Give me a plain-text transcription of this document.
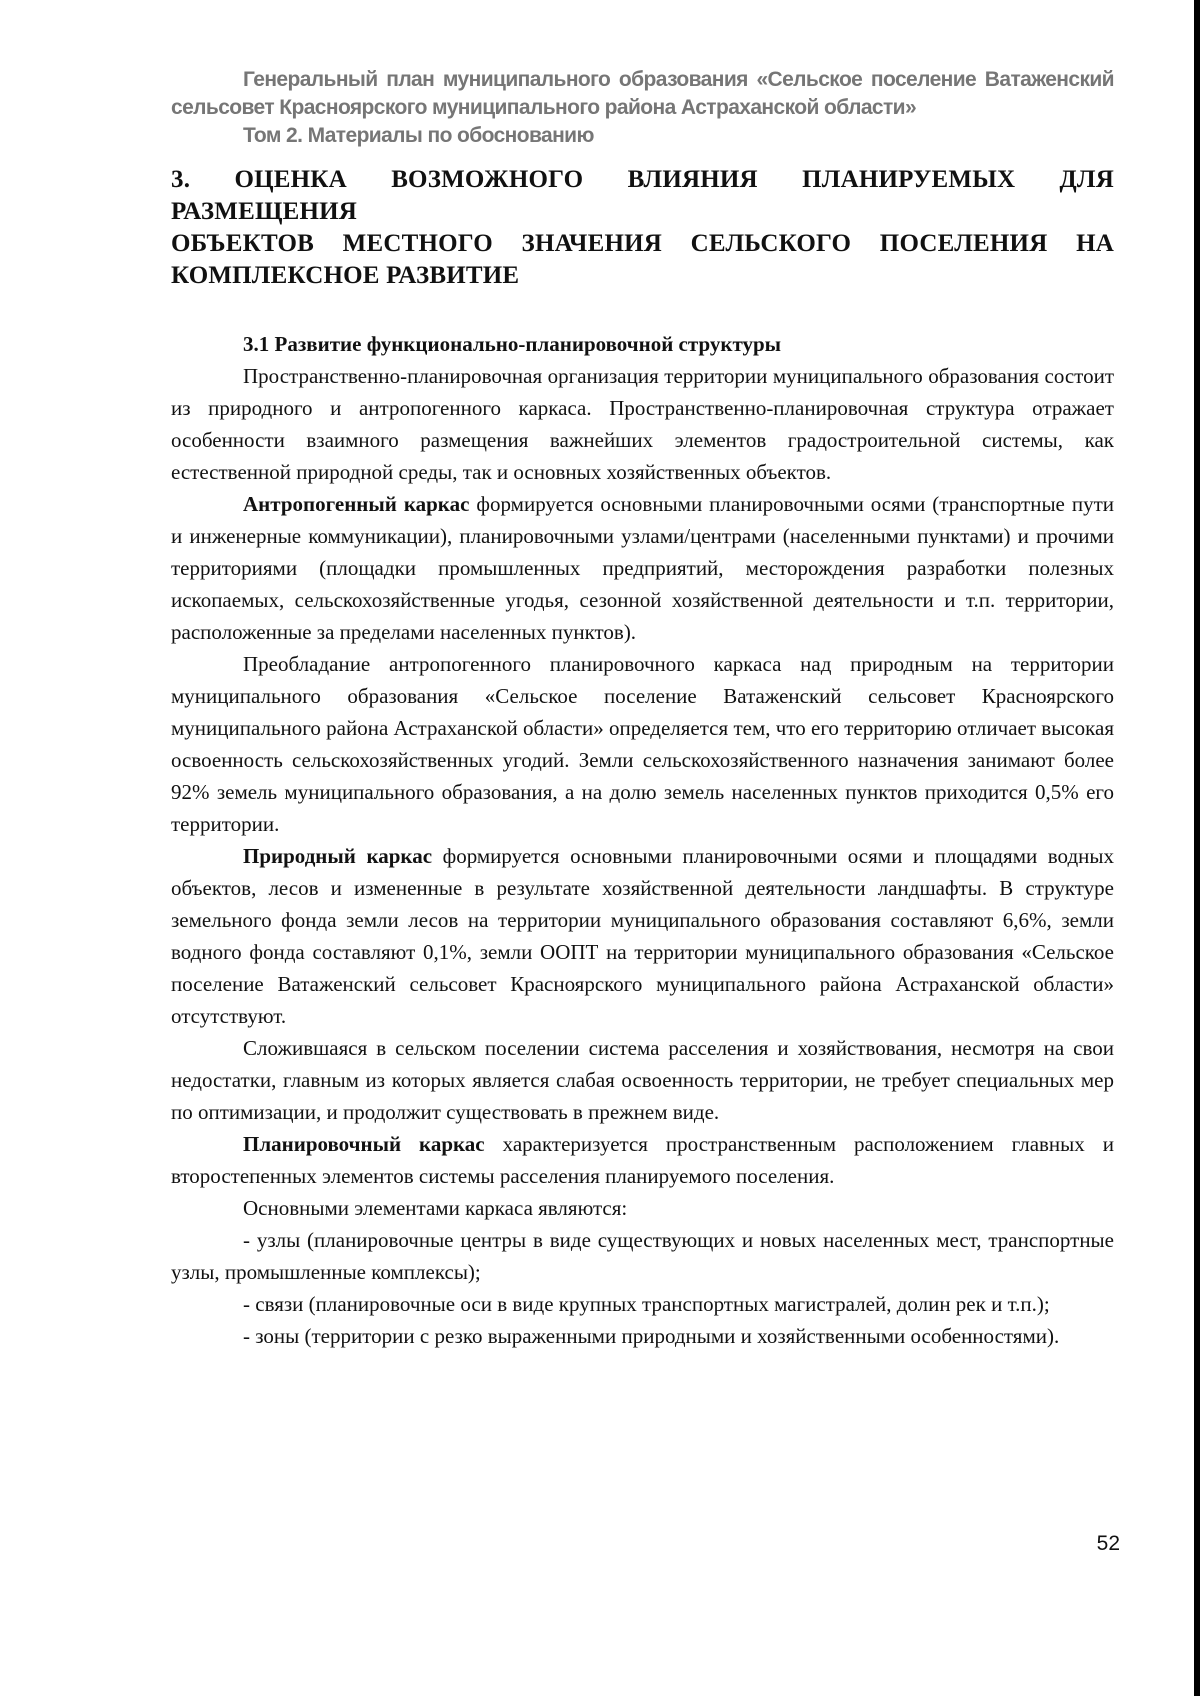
Генеральный план муниципального образования «Сельское поселение Ватаженский

сельсовет Красноярского муниципального района Астраханской области»

Том 2. Материалы по обоснованию

3. ОЦЕНКА ВОЗМОЖНОГО ВЛИЯНИЯ ПЛАНИРУЕМЫХ ДЛЯ РАЗМЕЩЕНИЯ
ОБЪЕКТОВ МЕСТНОГО ЗНАЧЕНИЯ СЕЛЬСКОГО ПОСЕЛЕНИЯ НА
КОМПЛЕКСНОЕ РАЗВИТИЕ
3.1 Развитие функционально-планировочной структуры

Пространственно-планировочная организация территории муниципального образования состоит из природного и антропогенного каркаса. Пространственно-планировочная структура отражает особенности взаимного размещения важнейших элементов градостроительной системы, как естественной природной среды, так и основных хозяйственных объектов.

Антропогенный каркас формируется основными планировочными осями (транспортные пути и инженерные коммуникации), планировочными узлами/центрами (населенными пунктами) и прочими территориями (площадки промышленных предприятий, месторождения разработки полезных ископаемых, сельскохозяйственные угодья, сезонной хозяйственной деятельности и т.п. территории, расположенные за пределами населенных пунктов).

Преобладание антропогенного планировочного каркаса над природным на территории муниципального образования «Сельское поселение Ватаженский сельсовет Красноярского муниципального района Астраханской области» определяется тем, что его территорию отличает высокая освоенность сельскохозяйственных угодий. Земли сельскохозяйственного назначения занимают более 92% земель муниципального образования, а на долю земель населенных пунктов приходится 0,5% его территории.

Природный каркас формируется основными планировочными осями и площадями водных объектов, лесов и измененные в результате хозяйственной деятельности ландшафты. В структуре земельного фонда земли лесов на территории муниципального образования составляют 6,6%, земли водного фонда составляют 0,1%, земли ООПТ на территории муниципального образования «Сельское поселение Ватаженский сельсовет Красноярского муниципального района Астраханской области» отсутствуют.

Сложившаяся в сельском поселении система расселения и хозяйствования, несмотря на свои недостатки, главным из которых является слабая освоенность территории, не требует специальных мер по оптимизации, и продолжит существовать в прежнем виде.

Планировочный каркас характеризуется пространственным расположением главных и второстепенных элементов системы расселения планируемого поселения.

Основными элементами каркаса являются:

- узлы (планировочные центры в виде существующих и новых населенных мест, транспортные узлы, промышленные комплексы);

- связи (планировочные оси в виде крупных транспортных магистралей, долин рек и т.п.);

- зоны (территории с резко выраженными природными и хозяйственными особенностями).

52
